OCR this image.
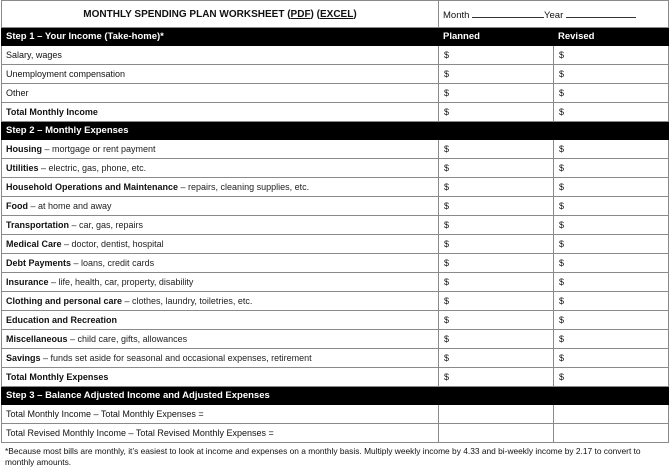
MONTHLY SPENDING PLAN WORKSHEET (PDF) (EXCEL)	Month Year	
Step 1 – Your Income (Take-home)*	Planned	Revised
Salary, wages	$	$
Unemployment compensation	$	$
Other	$	$
Total Monthly Income	$	$
Step 2 – Monthly Expenses		
Housing – mortgage or rent payment	$	$
Utilities – electric, gas, phone, etc.	$	$
Household Operations and Maintenance – repairs, cleaning supplies, etc.	$	$
Food – at home and away	$	$
Transportation – car, gas, repairs	$	$
Medical Care – doctor, dentist, hospital	$	$
Debt Payments – loans, credit cards	$	$
Insurance – life, health, car, property, disability	$	$
Clothing and personal care – clothes, laundry, toiletries, etc.	$	$
Education and Recreation	$	$
Miscellaneous – child care, gifts, allowances	$	$
Savings – funds set aside for seasonal and occasional expenses, retirement	$	$
Total Monthly Expenses	$	$
Step 3 – Balance Adjusted Income and Adjusted Expenses		
Total Monthly Income – Total Monthly Expenses =		
Total Revised Monthly Income – Total Revised Monthly Expenses =		
*Because most bills are monthly, it’s easiest to look at income and expenses on a monthly basis. Multiply weekly income by 4.33 and bi-weekly income by 2.17 to convert to monthly amounts.
